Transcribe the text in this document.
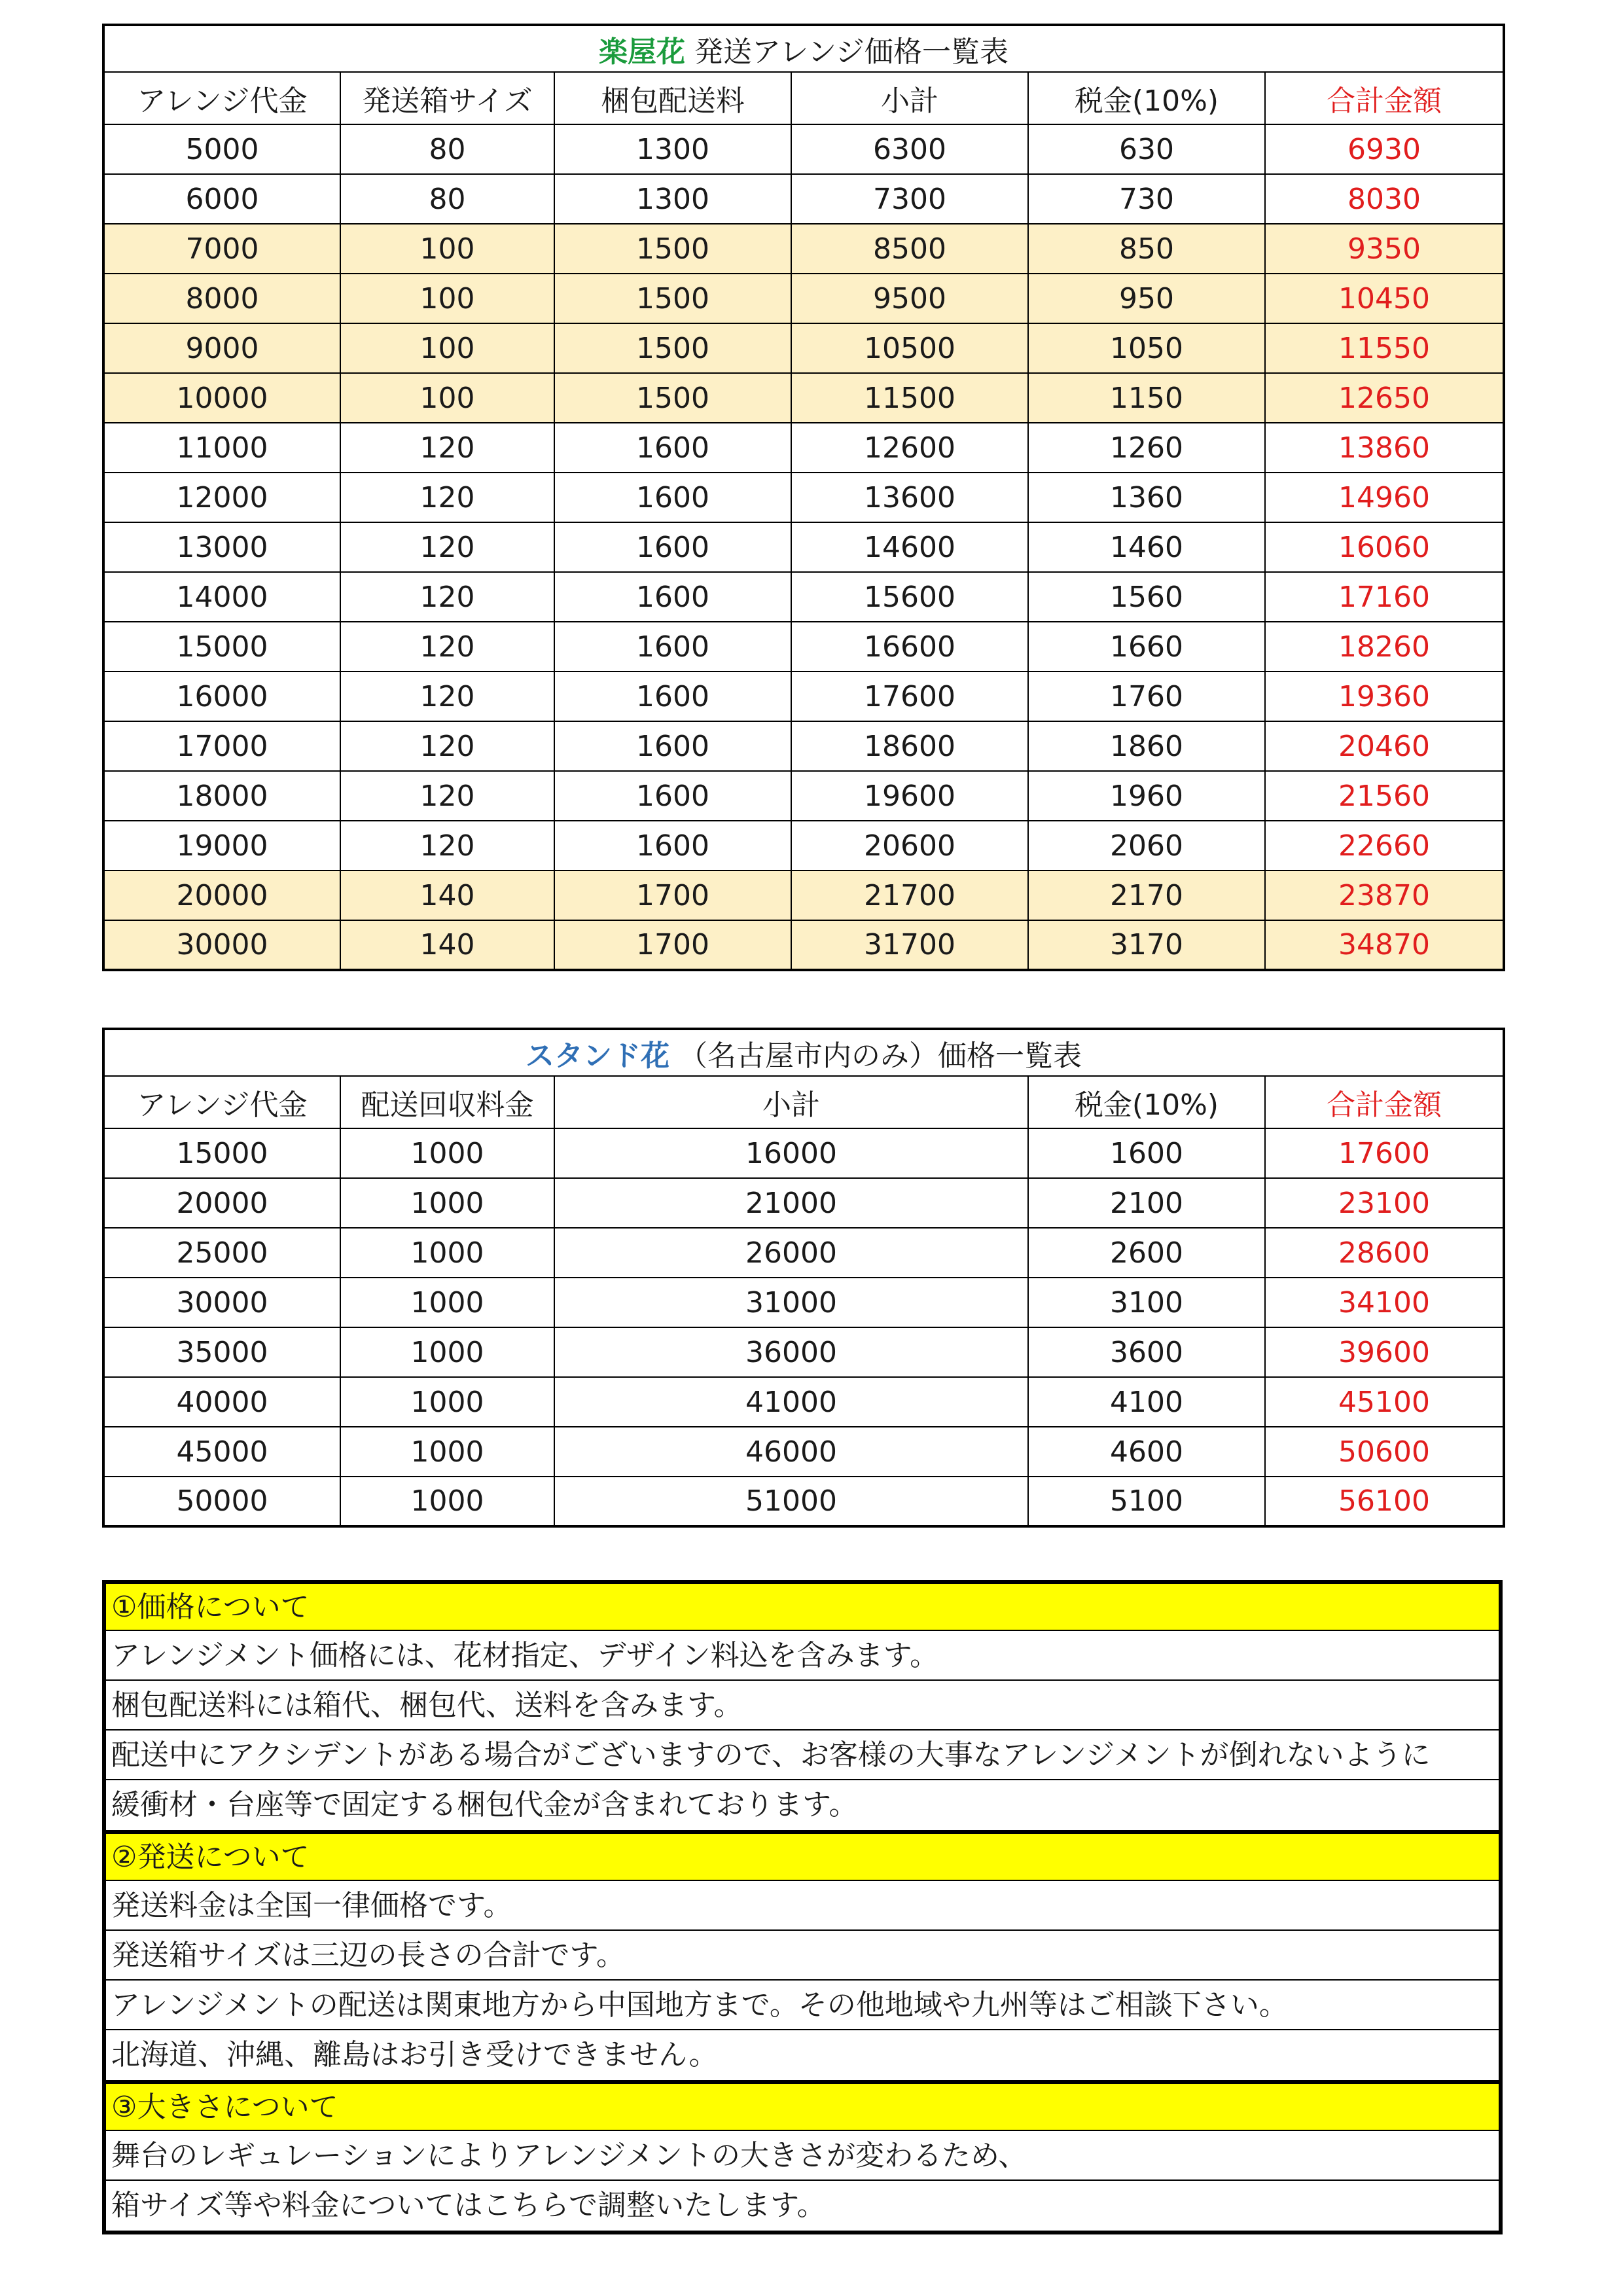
楽屋花 発送アレンジ価格一覧表					
アレンジ代金	発送箱サイズ	梱包配送料	小計	税金(10%)	合計金額
5000	80	1300	6300	630	6930
6000	80	1300	7300	730	8030
7000	100	1500	8500	850	9350
8000	100	1500	9500	950	10450
9000	100	1500	10500	1050	11550
10000	100	1500	11500	1150	12650
11000	120	1600	12600	1260	13860
12000	120	1600	13600	1360	14960
13000	120	1600	14600	1460	16060
14000	120	1600	15600	1560	17160
15000	120	1600	16600	1660	18260
16000	120	1600	17600	1760	19360
17000	120	1600	18600	1860	20460
18000	120	1600	19600	1960	21560
19000	120	1600	20600	2060	22660
20000	140	1700	21700	2170	23870
30000	140	1700	31700	3170	34870
スタンド花 （名古屋市内のみ）価格一覧表				
アレンジ代金	配送回収料金	小計	税金(10%)	合計金額
15000	1000	16000	1600	17600
20000	1000	21000	2100	23100
25000	1000	26000	2600	28600
30000	1000	31000	3100	34100
35000	1000	36000	3600	39600
40000	1000	41000	4100	45100
45000	1000	46000	4600	50600
50000	1000	51000	5100	56100
①価格について
アレンジメント価格には、花材指定、デザイン料込を含みます。
梱包配送料には箱代、梱包代、送料を含みます。
配送中にアクシデントがある場合がございますので、お客様の大事なアレンジメントが倒れないように
緩衝材・台座等で固定する梱包代金が含まれております。
②発送について
発送料金は全国一律価格です。
発送箱サイズは三辺の長さの合計です。
アレンジメントの配送は関東地方から中国地方まで。その他地域や九州等はご相談下さい。
北海道、沖縄、離島はお引き受けできません。
③大きさについて
舞台のレギュレーションによりアレンジメントの大きさが変わるため、
箱サイズ等や料金についてはこちらで調整いたします。
